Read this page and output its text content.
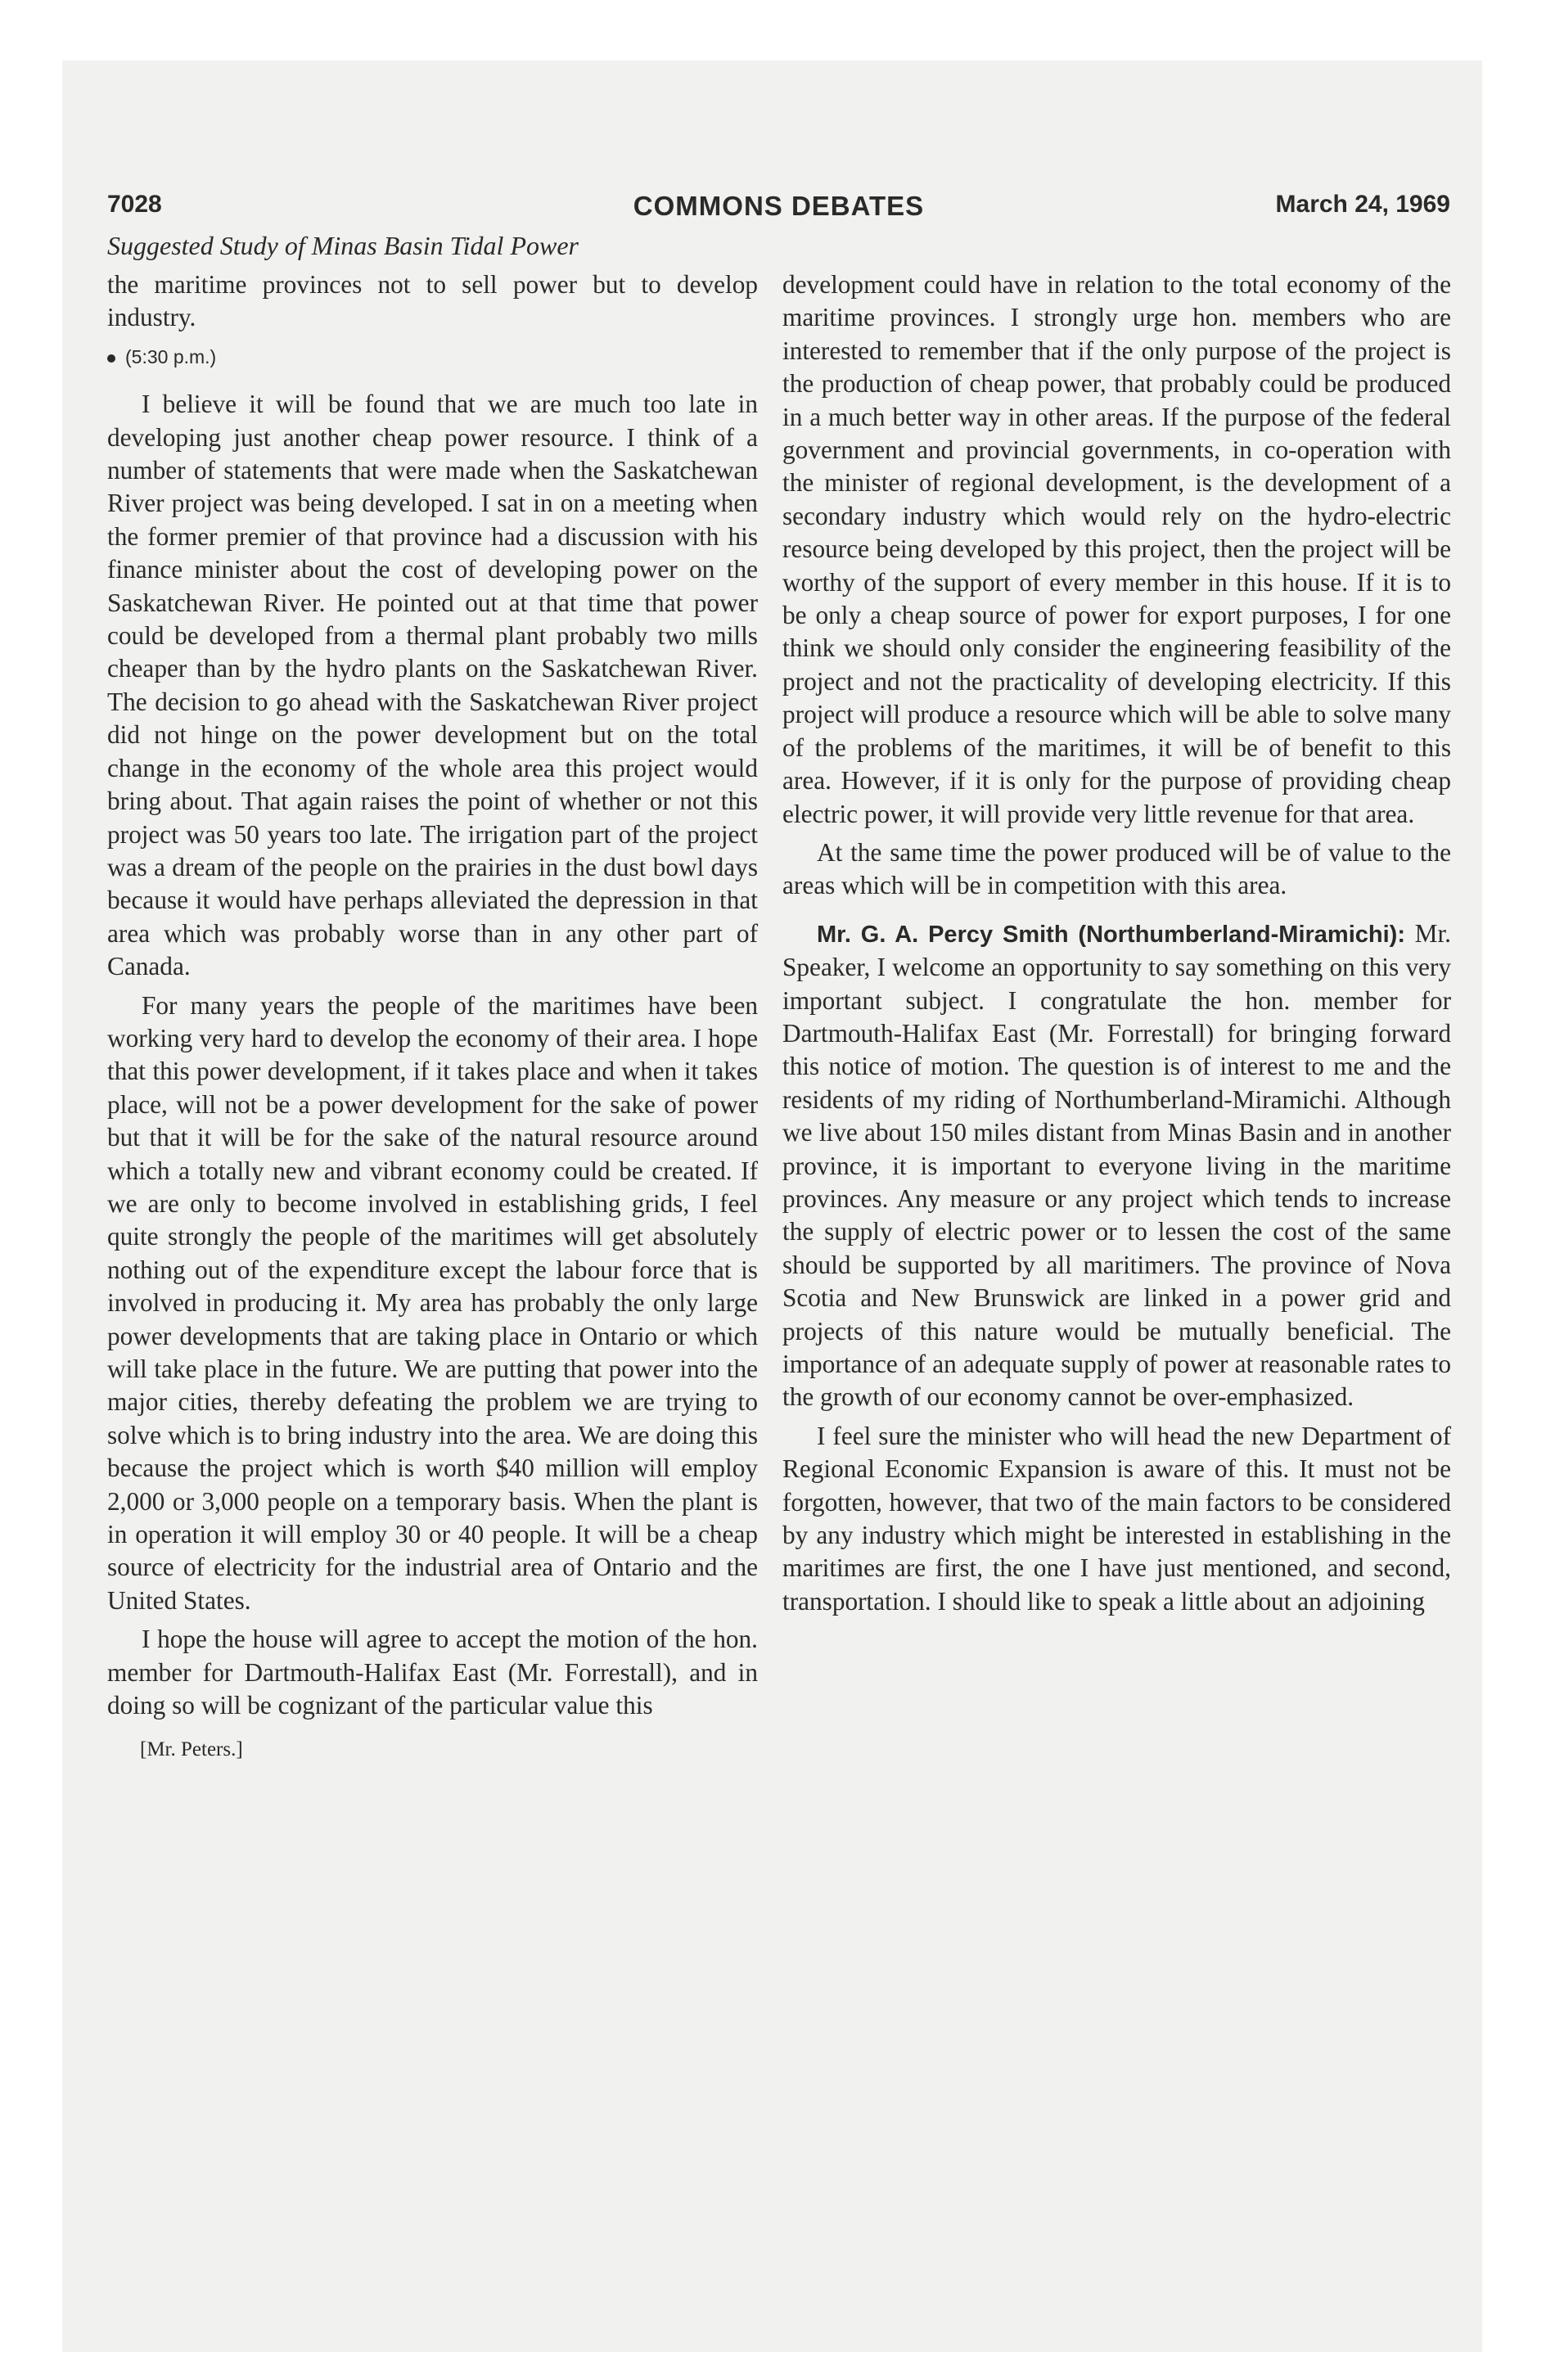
7028	COMMONS DEBATES	March 24, 1969
Suggested Study of Minas Basin Tidal Power

the maritime provinces not to sell power but to develop industry.

(5:30 p.m.)

I believe it will be found that we are much too late in developing just another cheap power resource. I think of a number of statements that were made when the Saskatchewan River project was being developed. I sat in on a meeting when the former premier of that province had a discussion with his finance minister about the cost of developing power on the Saskatchewan River. He pointed out at that time that power could be developed from a thermal plant probably two mills cheaper than by the hydro plants on the Saskatchewan River. The decision to go ahead with the Saskatchewan River project did not hinge on the power development but on the total change in the economy of the whole area this project would bring about. That again raises the point of whether or not this project was 50 years too late. The irrigation part of the project was a dream of the people on the prairies in the dust bowl days because it would have perhaps alleviated the depression in that area which was probably worse than in any other part of Canada.

For many years the people of the maritimes have been working very hard to develop the economy of their area. I hope that this power development, if it takes place and when it takes place, will not be a power development for the sake of power but that it will be for the sake of the natural resource around which a totally new and vibrant economy could be created. If we are only to become involved in establishing grids, I feel quite strongly the people of the maritimes will get absolutely nothing out of the expenditure except the labour force that is involved in producing it. My area has probably the only large power developments that are taking place in Ontario or which will take place in the future. We are putting that power into the major cities, thereby defeating the problem we are trying to solve which is to bring industry into the area. We are doing this because the project which is worth $40 million will employ 2,000 or 3,000 people on a temporary basis. When the plant is in operation it will employ 30 or 40 people. It will be a cheap source of electricity for the industrial area of Ontario and the United States.

I hope the house will agree to accept the motion of the hon. member for Dartmouth-Halifax East (Mr. Forrestall), and in doing so will be cognizant of the particular value this

[Mr. Peters.]

development could have in relation to the total economy of the maritime provinces. I strongly urge hon. members who are interested to remember that if the only purpose of the project is the production of cheap power, that probably could be produced in a much better way in other areas. If the purpose of the federal government and provincial governments, in co-operation with the minister of regional development, is the development of a secondary industry which would rely on the hydro-electric resource being developed by this project, then the project will be worthy of the support of every member in this house. If it is to be only a cheap source of power for export purposes, I for one think we should only consider the engineering feasibility of the project and not the practicality of developing electricity. If this project will produce a resource which will be able to solve many of the problems of the maritimes, it will be of benefit to this area. However, if it is only for the purpose of providing cheap electric power, it will provide very little revenue for that area.

At the same time the power produced will be of value to the areas which will be in competition with this area.

Mr. G. A. Percy Smith (Northumberland-Miramichi): Mr. Speaker, I welcome an opportunity to say something on this very important subject. I congratulate the hon. member for Dartmouth-Halifax East (Mr. Forrestall) for bringing forward this notice of motion. The question is of interest to me and the residents of my riding of Northumberland-Miramichi. Although we live about 150 miles distant from Minas Basin and in another province, it is important to everyone living in the maritime provinces. Any measure or any project which tends to increase the supply of electric power or to lessen the cost of the same should be supported by all maritimers. The province of Nova Scotia and New Brunswick are linked in a power grid and projects of this nature would be mutually beneficial. The importance of an adequate supply of power at reasonable rates to the growth of our economy cannot be over-emphasized.

I feel sure the minister who will head the new Department of Regional Economic Expansion is aware of this. It must not be forgotten, however, that two of the main factors to be considered by any industry which might be interested in establishing in the maritimes are first, the one I have just mentioned, and second, transportation. I should like to speak a little about an adjoining
